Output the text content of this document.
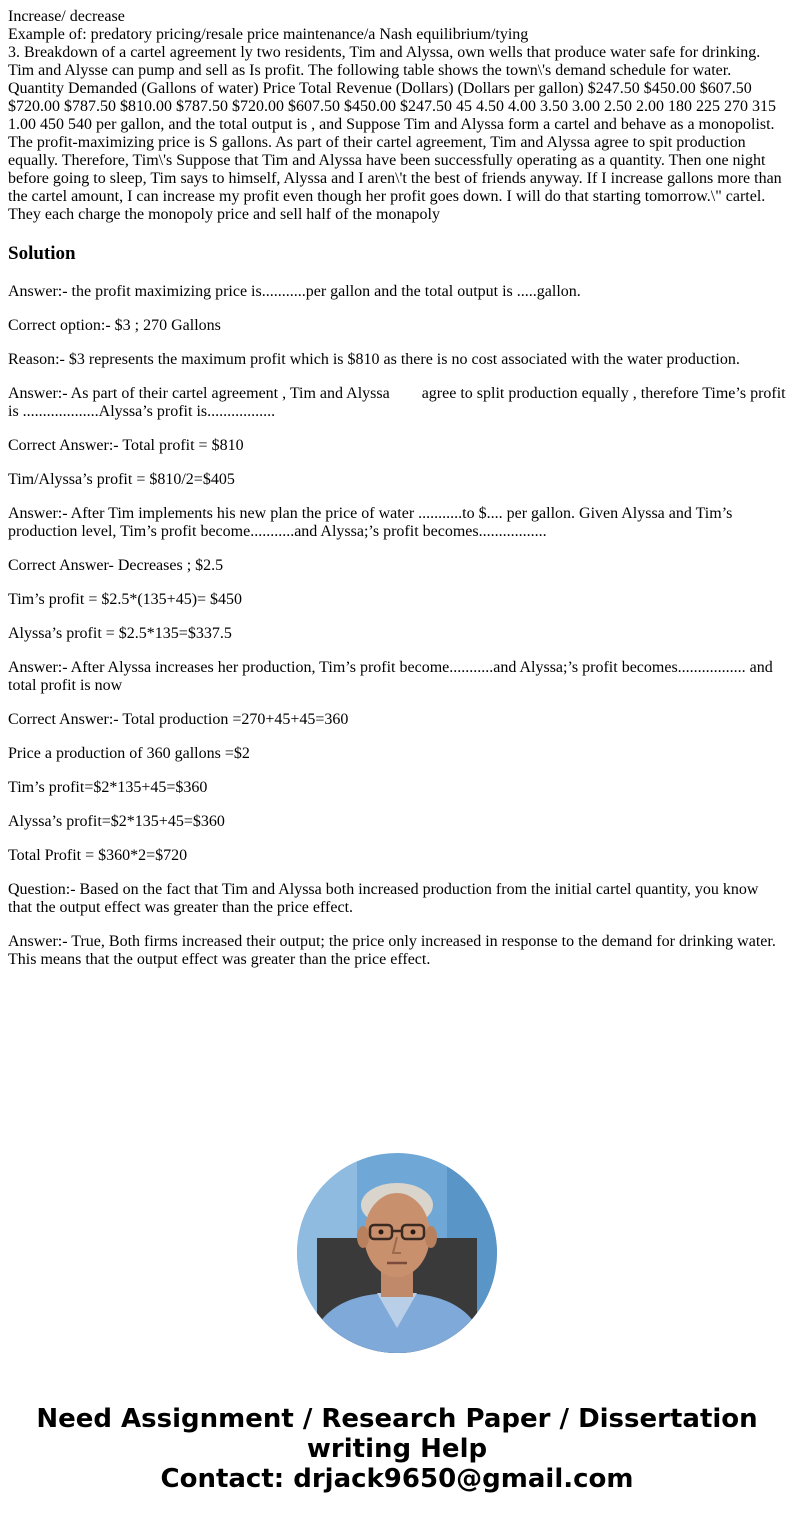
Increase/ decrease
Example of: predatory pricing/resale price maintenance/a Nash equilibrium/tying
3. Breakdown of a cartel agreement ly two residents, Tim and Alyssa, own wells that produce water safe for drinking. Tim and Alysse can pump and sell as Is profit. The following table shows the town\'s demand schedule for water. Quantity Demanded (Gallons of water) Price Total Revenue (Dollars) (Dollars per gallon) $247.50 $450.00 $607.50 $720.00 $787.50 $810.00 $787.50 $720.00 $607.50 $450.00 $247.50 45 4.50 4.00 3.50 3.00 2.50 2.00 180 225 270 315 1.00 450 540 per gallon, and the total output is , and Suppose Tim and Alyssa form a cartel and behave as a monopolist. The profit-maximizing price is S gallons. As part of their cartel agreement, Tim and Alyssa agree to spit production equally. Therefore, Tim\'s Suppose that Tim and Alyssa have been successfully operating as a quantity. Then one night before going to sleep, Tim says to himself, Alyssa and I aren\'t the best of friends anyway. If I increase gallons more than the cartel amount, I can increase my profit even though her profit goes down. I will do that starting tomorrow.\" cartel. They each charge the monopoly price and sell half of the monapoly
Solution

Answer:- the profit maximizing price is...........per gallon and the total output is .....gallon.

Correct option:- $3 ; 270 Gallons

Reason:- $3 represents the maximum profit which is $810 as there is no cost associated with the water production.

Answer:- As part of their cartel agreement , Tim and Alyssa        agree to split production equally , therefore Time’s profit is ...................Alyssa’s profit is.................

Correct Answer:- Total profit = $810

Tim/Alyssa’s profit = $810/2=$405

Answer:- After Tim implements his new plan the price of water ...........to $.... per gallon. Given Alyssa and Tim’s production level, Tim’s profit become...........and Alyssa;’s profit becomes.................

Correct Answer- Decreases ; $2.5

Tim’s profit = $2.5*(135+45)= $450

Alyssa’s profit = $2.5*135=$337.5

Answer:- After Alyssa increases her production, Tim’s profit become...........and Alyssa;’s profit becomes................. and total profit is now

Correct Answer:- Total production =270+45+45=360

Price a production of 360 gallons =$2

Tim’s profit=$2*135+45=$360

Alyssa’s profit=$2*135+45=$360

Total Profit = $360*2=$720

Question:- Based on the fact that Tim and Alyssa both increased production from the initial cartel quantity, you know that the output effect was greater than the price effect.

Answer:- True, Both firms increased their output; the price only increased in response to the demand for drinking water. This means that the output effect was greater than the price effect.

Need Assignment / Research Paper / Dissertation
writing Help
Contact: drjack9650@gmail.com
